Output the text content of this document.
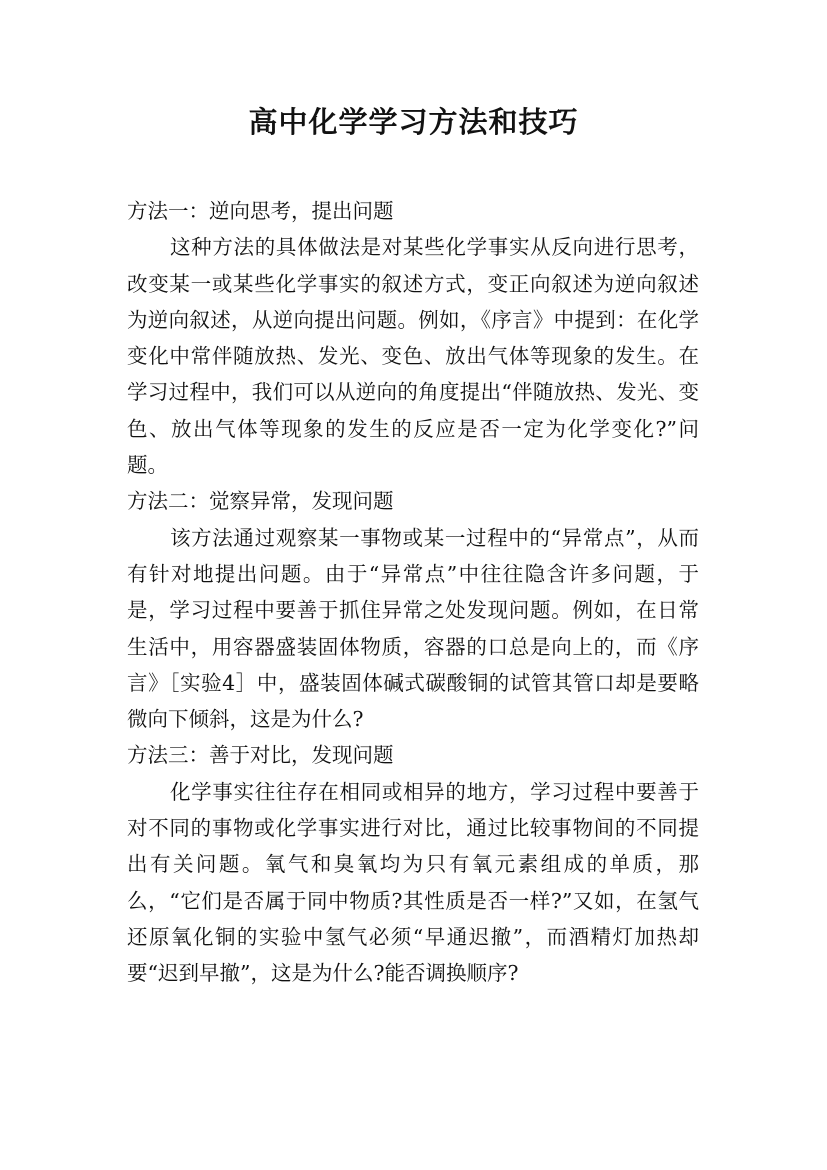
高中化学学习方法和技巧

方法一：逆向思考，提出问题

这种方法的具体做法是对某些化学事实从反向进行思考，改变某一或某些化学事实的叙述方式，变正向叙述为逆向叙述为逆向叙述，从逆向提出问题。例如，《序言》中提到：在化学变化中常伴随放热、发光、变色、放出气体等现象的发生。在学习过程中，我们可以从逆向的角度提出“伴随放热、发光、变色、放出气体等现象的发生的反应是否一定为化学变化?”问题。

方法二：觉察异常，发现问题

该方法通过观察某一事物或某一过程中的“异常点”，从而有针对地提出问题。由于“异常点”中往往隐含许多问题，于是，学习过程中要善于抓住异常之处发现问题。例如，在日常生活中，用容器盛装固体物质，容器的口总是向上的，而《序言》［实验4］中，盛装固体碱式碳酸铜的试管其管口却是要略微向下倾斜，这是为什么?

方法三：善于对比，发现问题

化学事实往往存在相同或相异的地方，学习过程中要善于对不同的事物或化学事实进行对比，通过比较事物间的不同提出有关问题。氧气和臭氧均为只有氧元素组成的单质，那么，“它们是否属于同中物质?其性质是否一样?”又如，在氢气还原氧化铜的实验中氢气必须“早通迟撤”，而酒精灯加热却要“迟到早撤”，这是为什么?能否调换顺序?
